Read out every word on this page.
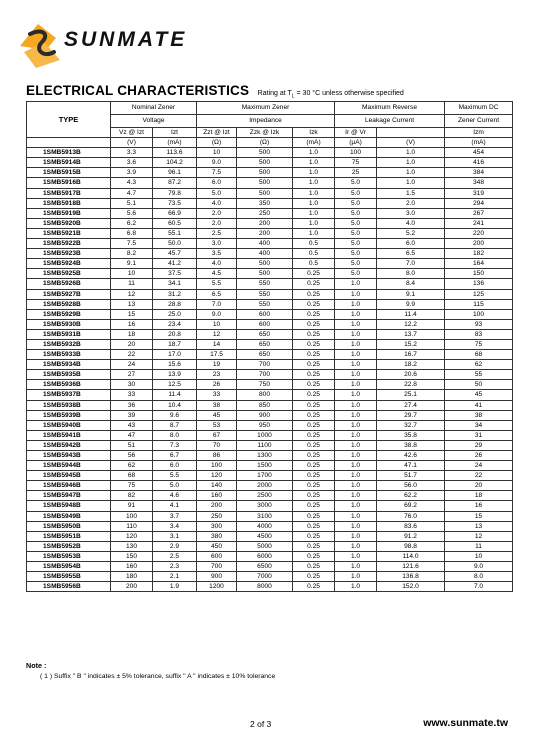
SUNMATE
ELECTRICAL CHARACTERISTICS Rating at $T_L = 30$ °C unless otherwise specified
TYPE	Nominal Zener		Maximum Zener			Maximum Reverse		Maximum DC
	Voltage		Impedance			Leakage Current		Zener Current
	Vz @ Izt	Izt	Zzt @ Izt	Zzk @ Izk	Izk	Ir @ Vr		Izm
	(V)	(mA)	(Ω)	(Ω)	(mA)	(μA)	(V)	(mA)
1SMB5913B	3.3	113.6	10	500	1.0	100	1.0	454
1SMB5914B	3.6	104.2	9.0	500	1.0	75	1.0	416
1SMB5915B	3.9	96.1	7.5	500	1.0	25	1.0	384
1SMB5916B	4.3	87.2	6.0	500	1.0	5.0	1.0	348
1SMB5917B	4.7	79.8	5.0	500	1.0	5.0	1.5	319
1SMB5918B	5.1	73.5	4.0	350	1.0	5.0	2.0	294
1SMB5919B	5.6	66.9	2.0	250	1.0	5.0	3.0	267
1SMB5920B	6.2	60.5	2.0	200	1.0	5.0	4.0	241
1SMB5921B	6.8	55.1	2.5	200	1.0	5.0	5.2	220
1SMB5922B	7.5	50.0	3.0	400	0.5	5.0	6.0	200
1SMB5923B	8.2	45.7	3.5	400	0.5	5.0	6.5	182
1SMB5924B	9.1	41.2	4.0	500	0.5	5.0	7.0	164
1SMB5925B	10	37.5	4.5	500	0.25	5.0	8.0	150
1SMB5926B	11	34.1	5.5	550	0.25	1.0	8.4	136
1SMB5927B	12	31.2	6.5	550	0.25	1.0	9.1	125
1SMB5928B	13	28.8	7.0	550	0.25	1.0	9.9	115
1SMB5929B	15	25.0	9.0	600	0.25	1.0	11.4	100
1SMB5930B	16	23.4	10	600	0.25	1.0	12.2	93
1SMB5931B	18	20.8	12	650	0.25	1.0	13.7	83
1SMB5932B	20	18.7	14	650	0.25	1.0	15.2	75
1SMB5933B	22	17.0	17.5	650	0.25	1.0	16.7	68
1SMB5934B	24	15.6	19	700	0.25	1.0	18.2	62
1SMB5935B	27	13.9	23	700	0.25	1.0	20.6	55
1SMB5936B	30	12.5	26	750	0.25	1.0	22.8	50
1SMB5937B	33	11.4	33	800	0.25	1.0	25.1	45
1SMB5938B	36	10.4	38	850	0.25	1.0	27.4	41
1SMB5939B	39	9.6	45	900	0.25	1.0	29.7	38
1SMB5940B	43	8.7	53	950	0.25	1.0	32.7	34
1SMB5941B	47	8.0	67	1000	0.25	1.0	35.8	31
1SMB5942B	51	7.3	70	1100	0.25	1.0	38.8	29
1SMB5943B	56	6.7	86	1300	0.25	1.0	42.6	26
1SMB5944B	62	6.0	100	1500	0.25	1.0	47.1	24
1SMB5945B	68	5.5	120	1700	0.25	1.0	51.7	22
1SMB5946B	75	5.0	140	2000	0.25	1.0	56.0	20
1SMB5947B	82	4.6	160	2500	0.25	1.0	62.2	18
1SMB5948B	91	4.1	200	3000	0.25	1.0	69.2	16
1SMB5949B	100	3.7	250	3100	0.25	1.0	76.0	15
1SMB5950B	110	3.4	300	4000	0.25	1.0	83.6	13
1SMB5951B	120	3.1	380	4500	0.25	1.0	91.2	12
1SMB5952B	130	2.9	450	5000	0.25	1.0	98.8	11
1SMB5953B	150	2.5	600	6000	0.25	1.0	114.0	10
1SMB5954B	160	2.3	700	6500	0.25	1.0	121.6	9.0
1SMB5955B	180	2.1	900	7000	0.25	1.0	136.8	8.0
1SMB5956B	200	1.9	1200	8000	0.25	1.0	152.0	7.0
Note :
( 1 ) Suffix " B " indicates ± 5% tolerance, suffix " A " indicates ± 10% tolerance
2 of 3	www.sunmate.tw
